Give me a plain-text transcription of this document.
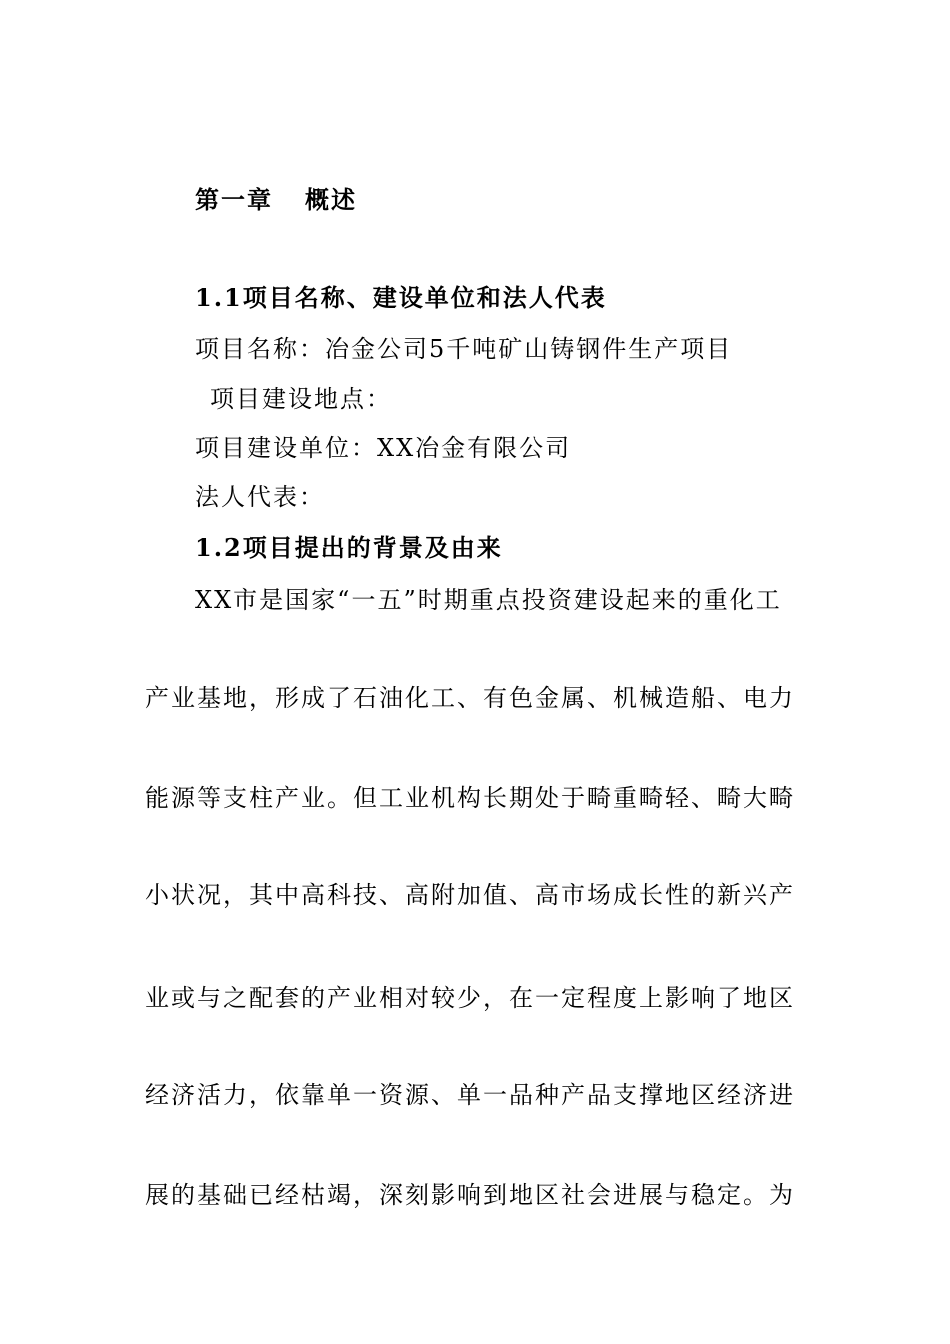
第一章 概述
1.1项目名称、建设单位和法人代表
项目名称：冶金公司5千吨矿山铸钢件生产项目
项目建设地点：
项目建设单位：XX冶金有限公司
法人代表：
1.2项目提出的背景及由来
XX市是国家“一五”时期重点投资建设起来的重化工
产业基地，形成了石油化工、有色金属、机械造船、电力
能源等支柱产业。但工业机构长期处于畸重畸轻、畸大畸
小状况，其中高科技、高附加值、高市场成长性的新兴产
业或与之配套的产业相对较少，在一定程度上影响了地区
经济活力，依靠单一资源、单一品种产品支撑地区经济进
展的基础已经枯竭，深刻影响到地区社会进展与稳定。为
